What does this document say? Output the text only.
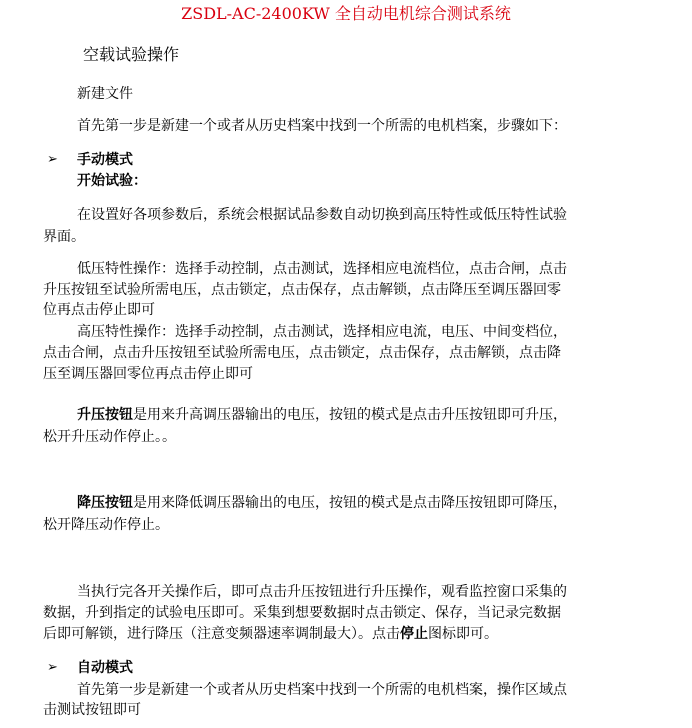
ZSDL-AC-2400KW 全自动电机综合测试系统
空载试验操作
新建文件
首先第一步是新建一个或者从历史档案中找到一个所需的电机档案，步骤如下：
➢ 手动模式
开始试验：
在设置好各项参数后，系统会根据试品参数自动切换到高压特性或低压特性试验
界面。
低压特性操作：选择手动控制，点击测试，选择相应电流档位，点击合闸，点击
升压按钮至试验所需电压，点击锁定，点击保存，点击解锁，点击降压至调压器回零
位再点击停止即可
高压特性操作：选择手动控制，点击测试，选择相应电流，电压、中间变档位，
点击合闸，点击升压按钮至试验所需电压，点击锁定，点击保存，点击解锁，点击降
压至调压器回零位再点击停止即可
升压按钮是用来升高调压器输出的电压，按钮的模式是点击升压按钮即可升压，
松开升压动作停止。。
降压按钮是用来降低调压器输出的电压，按钮的模式是点击降压按钮即可降压，
松开降压动作停止。
当执行完各开关操作后，即可点击升压按钮进行升压操作，观看监控窗口采集的
数据，升到指定的试验电压即可。采集到想要数据时点击锁定、保存，当记录完数据
后即可解锁，进行降压（注意变频器速率调制最大）。点击停止图标即可。
➢ 自动模式
首先第一步是新建一个或者从历史档案中找到一个所需的电机档案，操作区域点
击测试按钮即可
